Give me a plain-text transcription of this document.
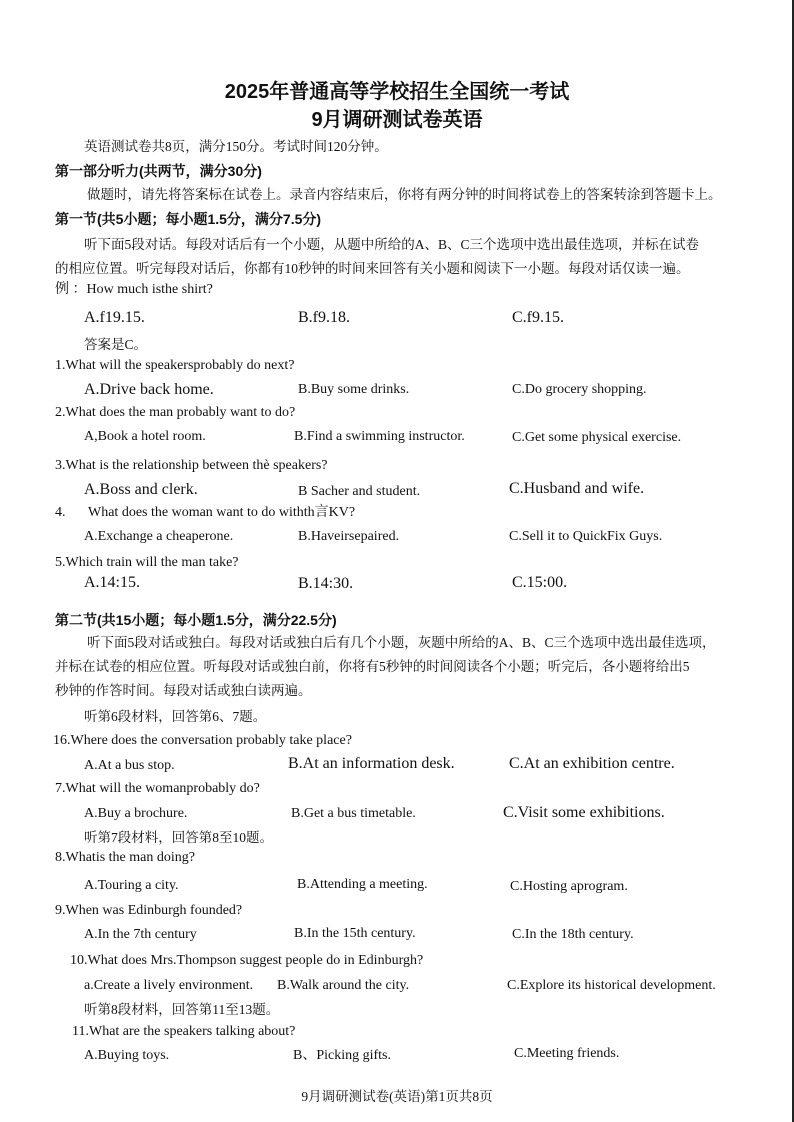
2025年普通高等学校招生全国统一考试
9月调研测试卷英语
英语测试卷共8页，满分150分。考试时间120分钟。
第一部分听力(共两节，满分30分)
做题时，请先将答案标在试卷上。录音内容结束后，你将有两分钟的时间将试卷上的答案转涂到答题卡上。
第一节(共5小题；每小题1.5分，满分7.5分)
听下面5段对话。每段对话后有一个小题，从题中所给的A、B、C三个选项中选出最佳选项，并标在试卷
的相应位置。听完每段对话后，你都有10秒钟的时间来回答有关小题和阅读下一小题。每段对话仅读一遍。
例 ：How much isthe shirt?
A.f19.15.	B.f9.18.	C.f9.15.
答案是C。
1.What will the speakersprobably do next?
A.Drive back home.	B.Buy some drinks.	C.Do grocery shopping.
2.What does the man probably want to do?
A,Book a hotel room.	B.Find a swimming instructor.	C.Get some physical exercise.
3.What is the relationship between thè speakers?
A.Boss and clerk.	B Sacher and student.	C.Husband and wife.
4. What does the woman want to do withth言KV?
A.Exchange a cheaperone.	B.Haveirsepaired.	C.Sell it to QuickFix Guys.
5.Which train will the man take?
A.14:15.	B.14:30.	C.15:00.
第二节(共15小题；每小题1.5分，满分22.5分)
听下面5段对话或独白。每段对话或独白后有几个小题，灰题中所给的A、B、C三个选项中选出最佳选项，
并标在试卷的相应位置。听每段对话或独白前，你将有5秒钟的时间阅读各个小题；听完后，各小题将给出5
秒钟的作答时间。每段对话或独白读两遍。
听第6段材料，回答第6、7题。
16.Where does the conversation probably take place?
A.At a bus stop.	B.At an information desk.	C.At an exhibition centre.
7.What will the womanprobably do?
A.Buy a brochure.	B.Get a bus timetable.	C.Visit some exhibitions.
听第7段材料，回答第8至10题。
8.Whatis the man doing?
A.Touring a city.	B.Attending a meeting.	C.Hosting aprogram.
9.When was Edinburgh founded?
A.In the 7th century	B.In the 15th century.	C.In the 18th century.
10.What does Mrs.Thompson suggest people do in Edinburgh?
a.Create a lively environment. B.Walk around the city.	C.Explore its historical development.
听第8段材料，回答第11至13题。
11.What are the speakers talking about?
A.Buying toys.	B、Picking gifts.	C.Meeting friends.
9月调研测试卷(英语)第1页共8页
